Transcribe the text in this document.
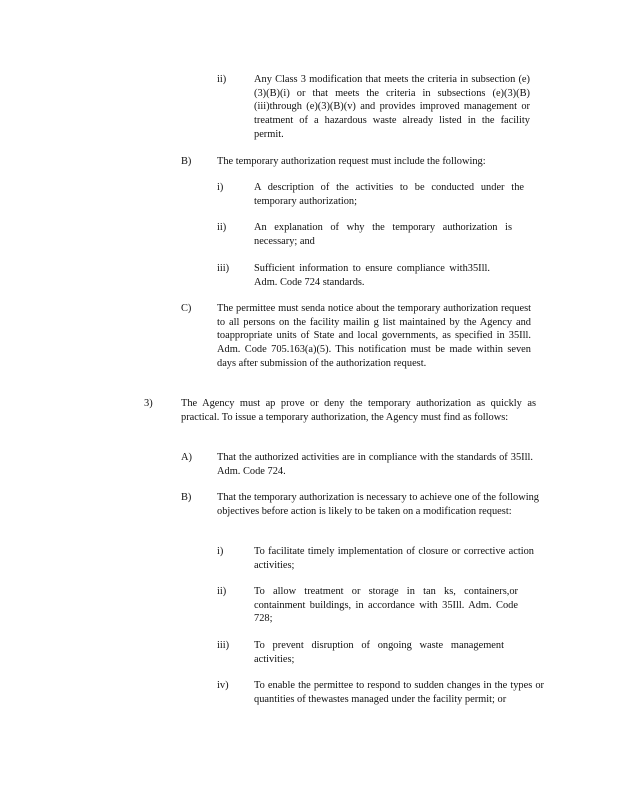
ii)	Any Class 3 modification that meets the criteria in subsection (e)(3)(B)(i) or that meets the criteria in subsections (e)(3)(B)(iii)through (e)(3)(B)(v) and provides improved management or treatment of a hazardous waste already listed in the facility permit.
B) The temporary authorization request must include the following:
i)	A description of the activities to be conducted under the temporary authorization;
ii)	An explanation of why the temporary authorization is necessary; and
iii) Sufficient information to ensure compliance with35Ill. Adm. Code 724 standards.
C) The permittee must senda notice about the temporary authorization request to all persons on the facility mailin g list maintained by the Agency and toappropriate units of State and local governments, as specified in 35Ill. Adm. Code 705.163(a)(5). This notification must be made within seven days after submission of the authorization request.
3)	The Agency must ap prove or deny the temporary authorization as quickly as practical. To issue a temporary authorization, the Agency must find as follows:
A) That the authorized activities are in compliance with the standards of 35Ill. Adm. Code 724.
B) That the temporary authorization is necessary to achieve one of the following objectives before action is likely to be taken on a modification request:
i)	To facilitate timely implementation of closure or corrective action activities;
ii)	To allow treatment or storage in tan ks, containers,or containment buildings, in accordance with 35Ill. Adm. Code 728;
iii) To prevent disruption of ongoing waste management activities;
iv) To enable the permittee to respond to sudden changes in the types or quantities of thewastes managed under the facility permit; or
